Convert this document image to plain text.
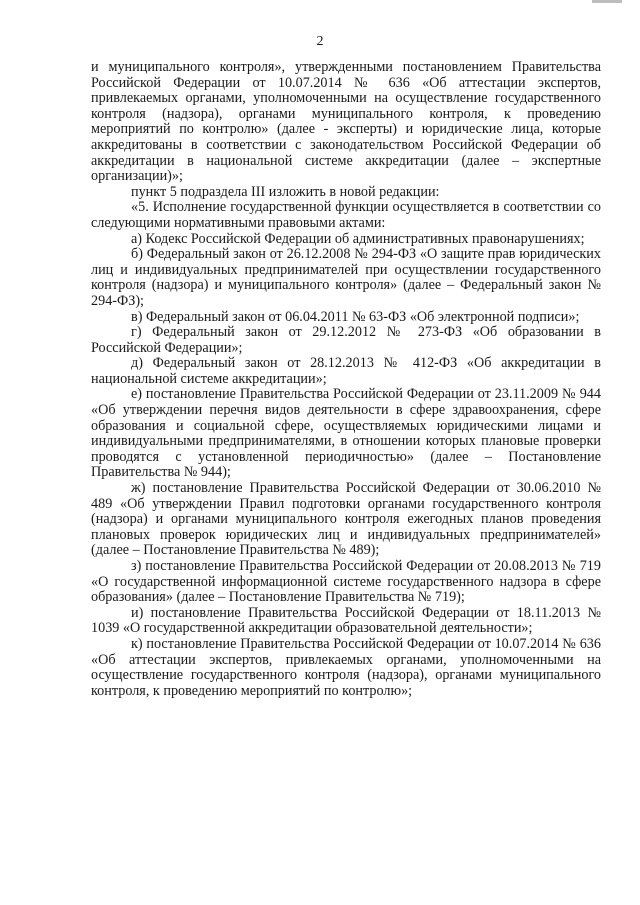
2

и муниципального контроля», утвержденными постановлением Правительства Российской Федерации от 10.07.2014 № 636 «Об аттестации экспертов, привлекаемых органами, уполномоченными на осуществление государственного контроля (надзора), органами муниципального контроля, к проведению мероприятий по контролю» (далее - эксперты) и юридические лица, которые аккредитованы в соответствии с законодательством Российской Федерации об аккредитации в национальной системе аккредитации (далее – экспертные организации)»;

пункт 5 подраздела III изложить в новой редакции:

«5. Исполнение государственной функции осуществляется в соответствии со следующими нормативными правовыми актами:

а) Кодекс Российской Федерации об административных правонарушениях;

б) Федеральный закон от 26.12.2008 № 294-ФЗ «О защите прав юридических лиц и индивидуальных предпринимателей при осуществлении государственного контроля (надзора) и муниципального контроля» (далее – Федеральный закон № 294-ФЗ);

в) Федеральный закон от 06.04.2011 № 63-ФЗ «Об электронной подписи»;

г) Федеральный закон от 29.12.2012 № 273-ФЗ «Об образовании в Российской Федерации»;

д) Федеральный закон от 28.12.2013 № 412-ФЗ «Об аккредитации в национальной системе аккредитации»;

е) постановление Правительства Российской Федерации от 23.11.2009 № 944 «Об утверждении перечня видов деятельности в сфере здравоохранения, сфере образования и социальной сфере, осуществляемых юридическими лицами и индивидуальными предпринимателями, в отношении которых плановые проверки проводятся с установленной периодичностью» (далее – Постановление Правительства № 944);

ж) постановление Правительства Российской Федерации от 30.06.2010 № 489 «Об утверждении Правил подготовки органами государственного контроля (надзора) и органами муниципального контроля ежегодных планов проведения плановых проверок юридических лиц и индивидуальных предпринимателей» (далее – Постановление Правительства № 489);

з) постановление Правительства Российской Федерации от 20.08.2013 № 719 «О государственной информационной системе государственного надзора в сфере образования» (далее – Постановление Правительства № 719);

и) постановление Правительства Российской Федерации от 18.11.2013 № 1039 «О государственной аккредитации образовательной деятельности»;

к) постановление Правительства Российской Федерации от 10.07.2014 № 636 «Об аттестации экспертов, привлекаемых органами, уполномоченными на осуществление государственного контроля (надзора), органами муниципального контроля, к проведению мероприятий по контролю»;
